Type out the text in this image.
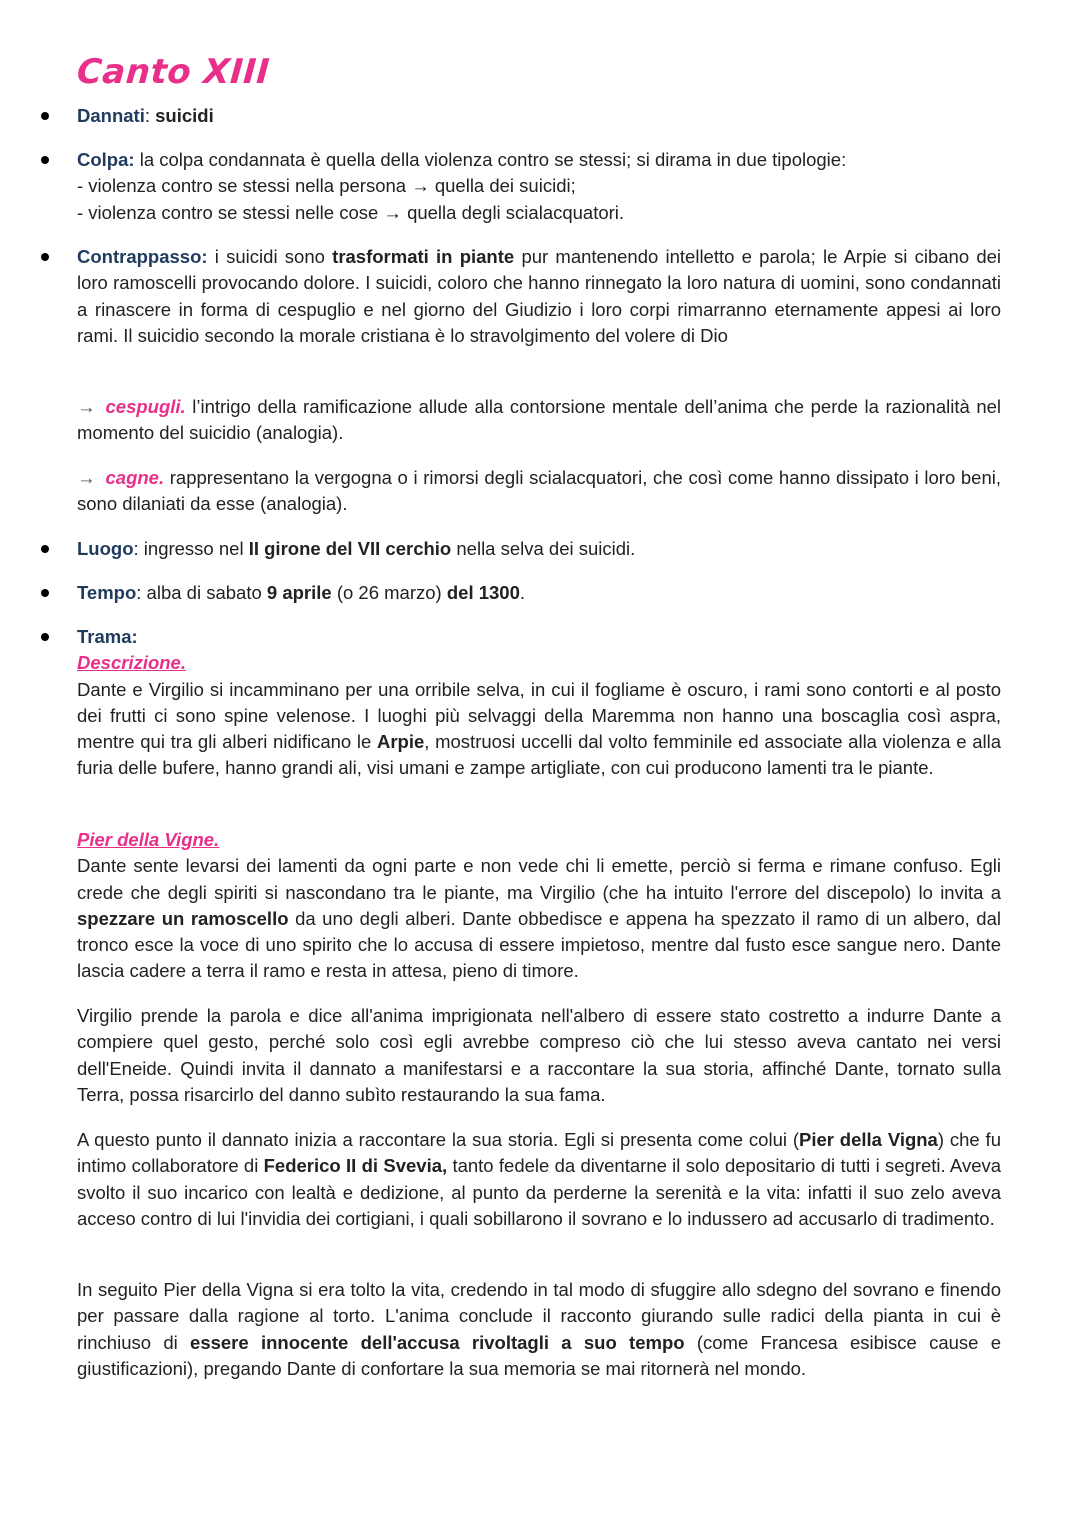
Canto XIII
Dannati: suicidi
Colpa: la colpa condannata è quella della violenza contro se stessi; si dirama in due tipologie:
- violenza contro se stessi nella persona → quella dei suicidi;
- violenza contro se stessi nelle cose → quella degli scialacquatori.
Contrappasso: i suicidi sono trasformati in piante pur mantenendo intelletto e parola; le Arpie si cibano dei loro ramoscelli provocando dolore. I suicidi, coloro che hanno rinnegato la loro natura di uomini, sono condannati a rinascere in forma di cespuglio e nel giorno del Giudizio i loro corpi rimarranno eternamente appesi ai loro rami. Il suicidio secondo la morale cristiana è lo stravolgimento del volere di Dio
→ cespugli. l’intrigo della ramificazione allude alla contorsione mentale dell’anima che perde la razionalità nel momento del suicidio (analogia).
→ cagne. rappresentano la vergogna o i rimorsi degli scialacquatori, che così come hanno dissipato i loro beni, sono dilaniati da esse (analogia).
Luogo: ingresso nel II girone del VII cerchio nella selva dei suicidi.
Tempo: alba di sabato 9 aprile (o 26 marzo) del 1300.
Trama:
Descrizione.
Dante e Virgilio si incamminano per una orribile selva, in cui il fogliame è oscuro, i rami sono contorti e al posto dei frutti ci sono spine velenose. I luoghi più selvaggi della Maremma non hanno una boscaglia così aspra, mentre qui tra gli alberi nidificano le Arpie, mostruosi uccelli dal volto femminile ed associate alla violenza e alla furia delle bufere, hanno grandi ali, visi umani e zampe artigliate, con cui producono lamenti tra le piante.
Pier della Vigne.
Dante sente levarsi dei lamenti da ogni parte e non vede chi li emette, perciò si ferma e rimane confuso. Egli crede che degli spiriti si nascondano tra le piante, ma Virgilio (che ha intuito l'errore del discepolo) lo invita a spezzare un ramoscello da uno degli alberi. Dante obbedisce e appena ha spezzato il ramo di un albero, dal tronco esce la voce di uno spirito che lo accusa di essere impietoso, mentre dal fusto esce sangue nero. Dante lascia cadere a terra il ramo e resta in attesa, pieno di timore.
Virgilio prende la parola e dice all'anima imprigionata nell'albero di essere stato costretto a indurre Dante a compiere quel gesto, perché solo così egli avrebbe compreso ciò che lui stesso aveva cantato nei versi dell'Eneide. Quindi invita il dannato a manifestarsi e a raccontare la sua storia, affinché Dante, tornato sulla Terra, possa risarcirlo del danno subìto restaurando la sua fama.
A questo punto il dannato inizia a raccontare la sua storia. Egli si presenta come colui (Pier della Vigna) che fu intimo collaboratore di Federico II di Svevia, tanto fedele da diventarne il solo depositario di tutti i segreti. Aveva svolto il suo incarico con lealtà e dedizione, al punto da perderne la serenità e la vita: infatti il suo zelo aveva acceso contro di lui l'invidia dei cortigiani, i quali sobillarono il sovrano e lo indussero ad accusarlo di tradimento.
In seguito Pier della Vigna si era tolto la vita, credendo in tal modo di sfuggire allo sdegno del sovrano e finendo per passare dalla ragione al torto. L'anima conclude il racconto giurando sulle radici della pianta in cui è rinchiuso di essere innocente dell'accusa rivoltagli a suo tempo (come Francesa esibisce cause e giustificazioni), pregando Dante di confortare la sua memoria se mai ritornerà nel mondo.
